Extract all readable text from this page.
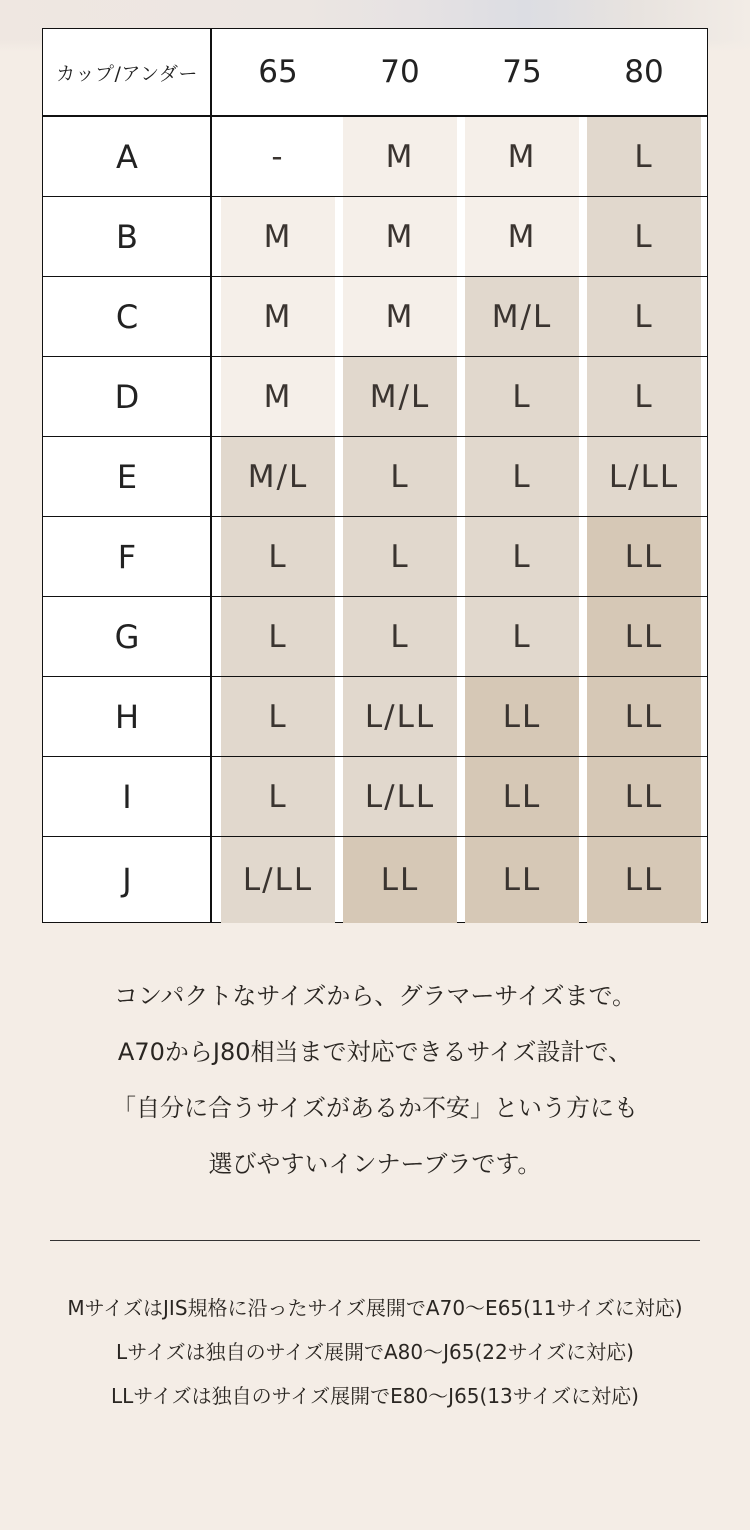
カップ/アンダー	65	70	75	80
A	-	M	M	L
B	M	M	M	L
C	M	M	M/L	L
D	M	M/L	L	L
E	M/L	L	L	L/LL
F	L	L	L	LL
G	L	L	L	LL
H	L	L/LL	LL	LL
I	L	L/LL	LL	LL
J	L/LL	LL	LL	LL

コンパクトなサイズから、グラマーサイズまで。

A70からJ80相当まで対応できるサイズ設計で、

「自分に合うサイズがあるか不安」という方にも

選びやすいインナーブラです。

MサイズはJIS規格に沿ったサイズ展開でA70〜E65(11サイズに対応)

Lサイズは独自のサイズ展開でA80〜J65(22サイズに対応)

LLサイズは独自のサイズ展開でE80〜J65(13サイズに対応)
